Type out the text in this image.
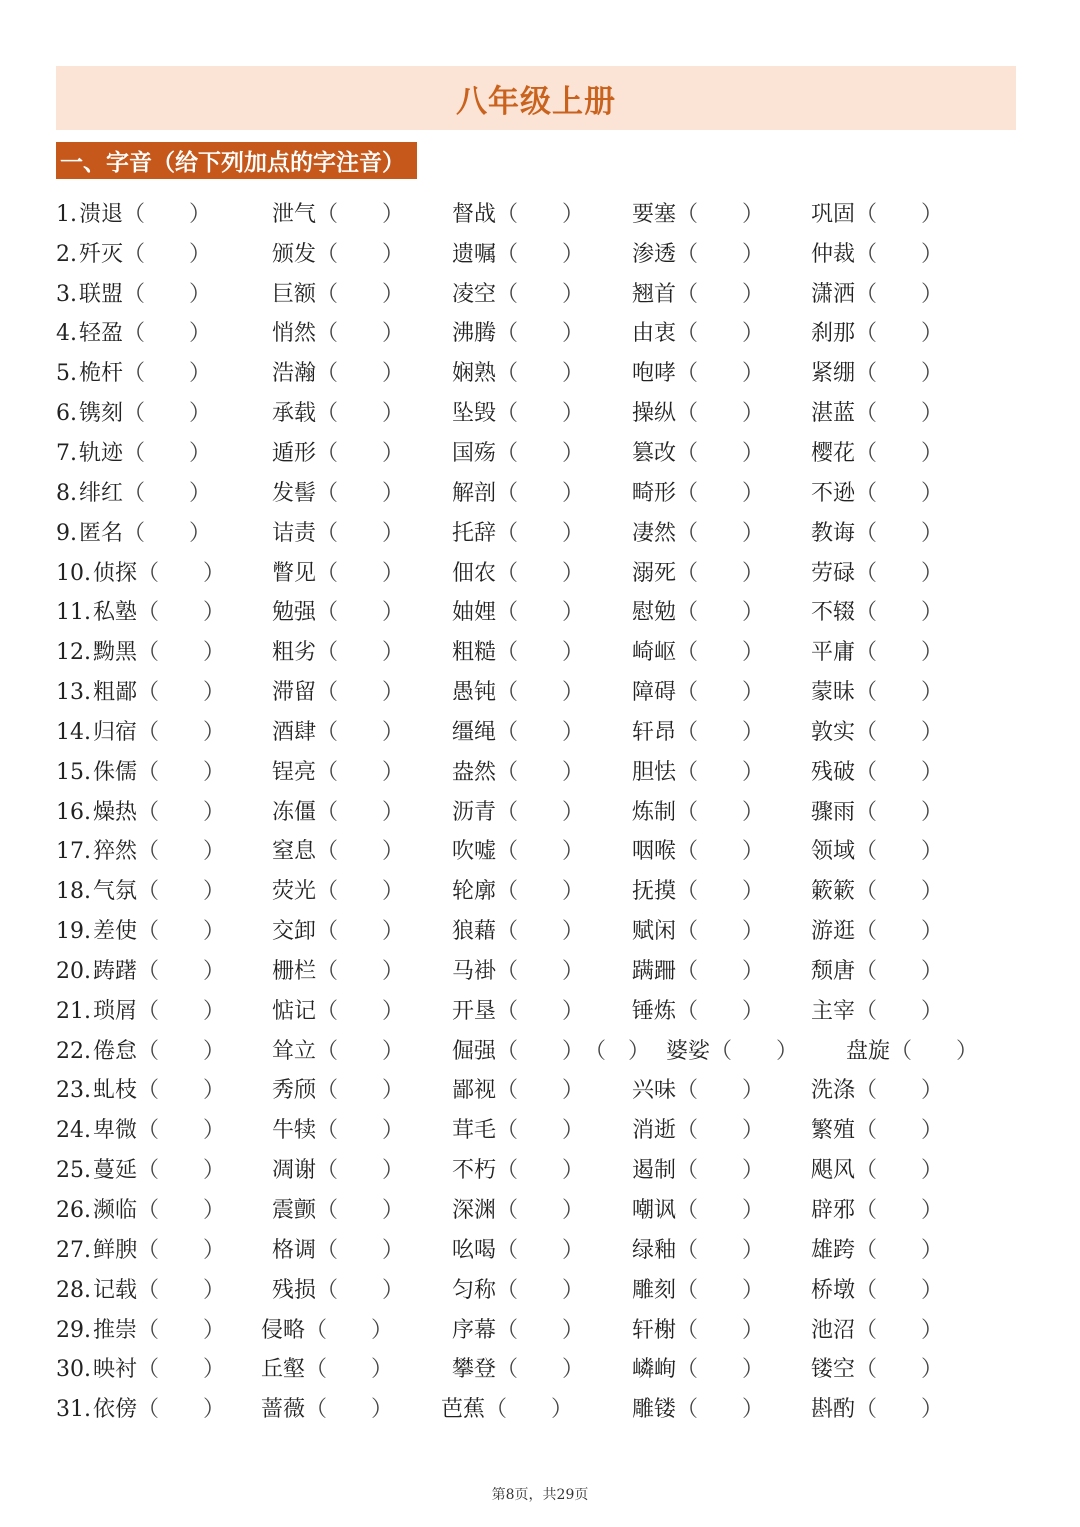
八年级上册
一、字音（给下列加点的字注音）
1. 溃退 （　　）	泄气 （　　） 督战 （　　） 要塞 （　　） 巩固 （　　）
2. 歼灭 （　　）	颁发 （　　） 遗嘱 （　　） 渗透 （　　） 仲裁 （　　）
3. 联盟 （　　）	巨额 （　　） 凌空 （　　） 翘首 （　　） 潇洒 （　　）
4. 轻盈 （　　）	悄然 （　　） 沸腾 （　　） 由衷 （　　） 刹那 （　　）
5. 桅杆 （　　）	浩瀚 （　　） 娴熟 （　　） 咆哮 （　　） 紧绷 （　　）
6. 镌刻 （　　）	承载 （　　） 坠毁 （　　） 操纵 （　　） 湛蓝 （　　）
7. 轨迹 （　　）	遁形 （　　） 国殇 （　　） 篡改 （　　） 樱花 （　　）
8. 绯红 （　　）	发髻 （　　） 解剖 （　　） 畸形 （　　） 不逊 （　　）
9. 匿名 （　　）	诘责 （　　） 托辞 （　　） 凄然 （　　） 教诲 （　　）
10. 侦探 （　　） 瞥见 （　　） 佃农 （　　） 溺死 （　　） 劳碌 （　　）
11. 私塾 （　　） 勉强 （　　） 妯娌 （　　） 慰勉 （　　） 不辍 （　　）
12. 黝黑 （　　） 粗劣 （　　） 粗糙 （　　） 崎岖 （　　） 平庸 （　　）
13. 粗鄙 （　　） 滞留 （　　） 愚钝 （　　） 障碍 （　　） 蒙昧 （　　）
14. 归宿 （　　） 酒肆 （　　） 缰绳 （　　） 轩昂 （　　） 敦实 （　　）
15. 侏儒 （　　） 锃亮 （　　） 盎然 （　　） 胆怯 （　　） 残破 （　　）
16. 燥热 （　　） 冻僵 （　　） 沥青 （　　） 炼制 （　　） 骤雨 （　　）
17. 猝然 （　　） 窒息 （　　） 吹嘘 （　　） 咽喉 （　　） 领域 （　　）
18. 气氛 （　　） 荧光 （　　） 轮廓 （　　） 抚摸 （　　） 簌簌 （　　）
19. 差使 （　　） 交卸 （　　） 狼藉 （　　） 赋闲 （　　） 游逛 （　　）
20. 踌躇 （　　） 栅栏 （　　） 马褂 （　　） 蹒跚 （　　） 颓唐 （　　）
21. 琐屑 （　　） 惦记 （　　） 开垦 （　　） 锤炼 （　　） 主宰 （　　）
22. 倦怠 （　　） 耸立 （　　） 倔强 （　　） （　） 婆娑 （　　） 盘旋 （　　）
23. 虬枝 （　　） 秀颀 （　　） 鄙视 （　　） 兴味 （　　） 洗涤 （　　）
24. 卑微 （　　） 牛犊 （　　） 茸毛 （　　） 消逝 （　　） 繁殖 （　　）
25. 蔓延 （　　） 凋谢 （　　） 不朽 （　　） 遏制 （　　） 飓风 （　　）
26. 濒临 （　　） 震颤 （　　） 深渊 （　　） 嘲讽 （　　） 辟邪 （　　）
27. 鲜腴 （　　） 格调 （　　） 吆喝 （　　） 绿釉 （　　） 雄跨 （　　）
28. 记载 （　　） 残损 （　　） 匀称 （　　） 雕刻 （　　） 桥墩 （　　）
29. 推崇 （　　） 侵略 （　　）	序幕 （　　） 轩榭 （　　） 池沼 （　　）
30. 映衬 （　　） 丘壑 （　　）	攀登 （　　） 嶙峋 （　　） 镂空 （　　）
31. 依傍 （　　） 蔷薇 （　　） 芭蕉 （　　）	雕镂 （　　） 斟酌 （　　）
第8页，共29页
